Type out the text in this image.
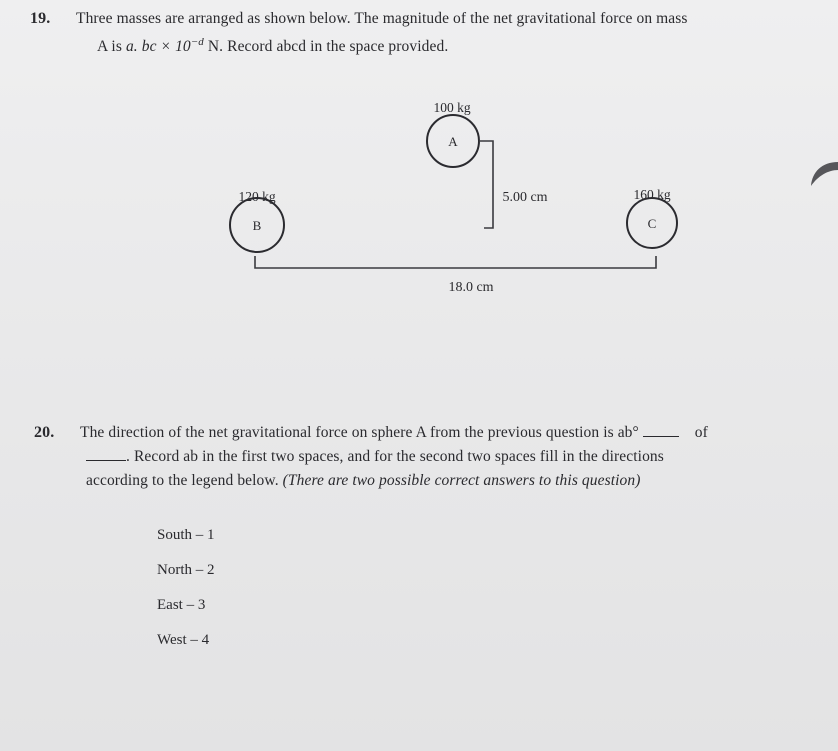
19. Three masses are arranged as shown below. The magnitude of the net gravitational force on mass
A is a. bc × $10^{-d}$ N. Record abcd in the space provided.
100 kg
A
120 kg
B
160 kg
C
5.00 cm
18.0 cm
20. The direction of the net gravitational force on sphere A from the previous question is ab°	of
. Record ab in the first two spaces, and for the second two spaces fill in the directions
according to the legend below. (There are two possible correct answers to this question)
South – 1
North – 2
East – 3
West – 4
